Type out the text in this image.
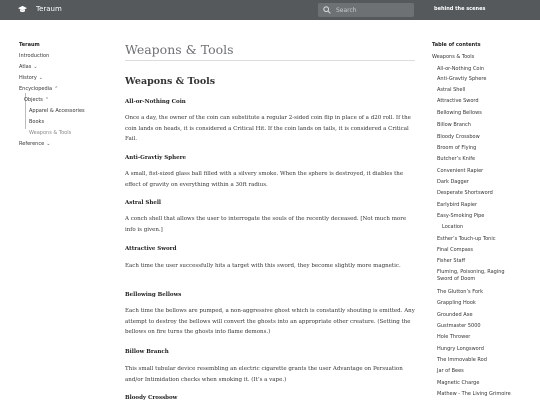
Teraum
Search	behind the scenes
Teraum
Introduction
Atlas ⌄
History ⌄
Encyclopedia ⌃
Objects ⌃
Apparel & Accessories
Books
Weapons & Tools
Reference ⌄
Weapons & Tools
Weapons & Tools
All-or-Nothing Coin

Once a day, the owner of the coin can substitute a regular 2-sided coin flip in place of a d20 roll. If the coin lands on heads, it is considered a Critical Hit. If the coin lands on tails, it is considered a Critical Fail.

Anti-Gravtiy Sphere

A small, fist-sized glass ball filled with a silvery smoke. When the sphere is destroyed, it diables the effect of gravity on everything within a 30ft radius.

Astral Shell

A conch shell that allows the user to interrogate the souls of the recently deceased. [Not much more info is given.]

Attractive Sword

Each time the user successfully hits a target with this sword, they become slightly more magnetic.

Bellowing Bellows

Each time the bellows are pumped, a non-aggressive ghost which is constantly shouting is emitted. Any attempt to destroy the bellows will convert the ghosts into an appropriate other creature. (Setting the bellows on fire turns the ghosts into flame demons.)

Billow Branch

This small tubular device resembling an electric cigarette grants the user Advantage on Persuation and/or Intimidation checks when smoking it. (It’s a vape.)

Bloody Crossbow
Table of contents
Weapons & Tools
All-or-Nothing Coin
Anti-Gravtiy Sphere
Astral Shell
Attractive Sword
Bellowing Bellows
Billow Branch
Bloody Crossbow
Broom of Flying
Butcher’s Knife
Convenient Rapier
Dark Dagger
Desperate Shortsword
Earlybird Rapier
Easy-Smoking Pipe
Location
Esther’s Touch-up Tonic
Final Compass
Fisher Staff
Fluming, Poisoning, Raging Sword of Doom
The Glutton’s Fork
Grappling Hook
Grounded Axe
Gustmaster 5000
Hole Thrower
Hungry Longsword
The Immovable Rod
Jar of Bees
Magnetic Charge
Mathew - The Living Grimoire
